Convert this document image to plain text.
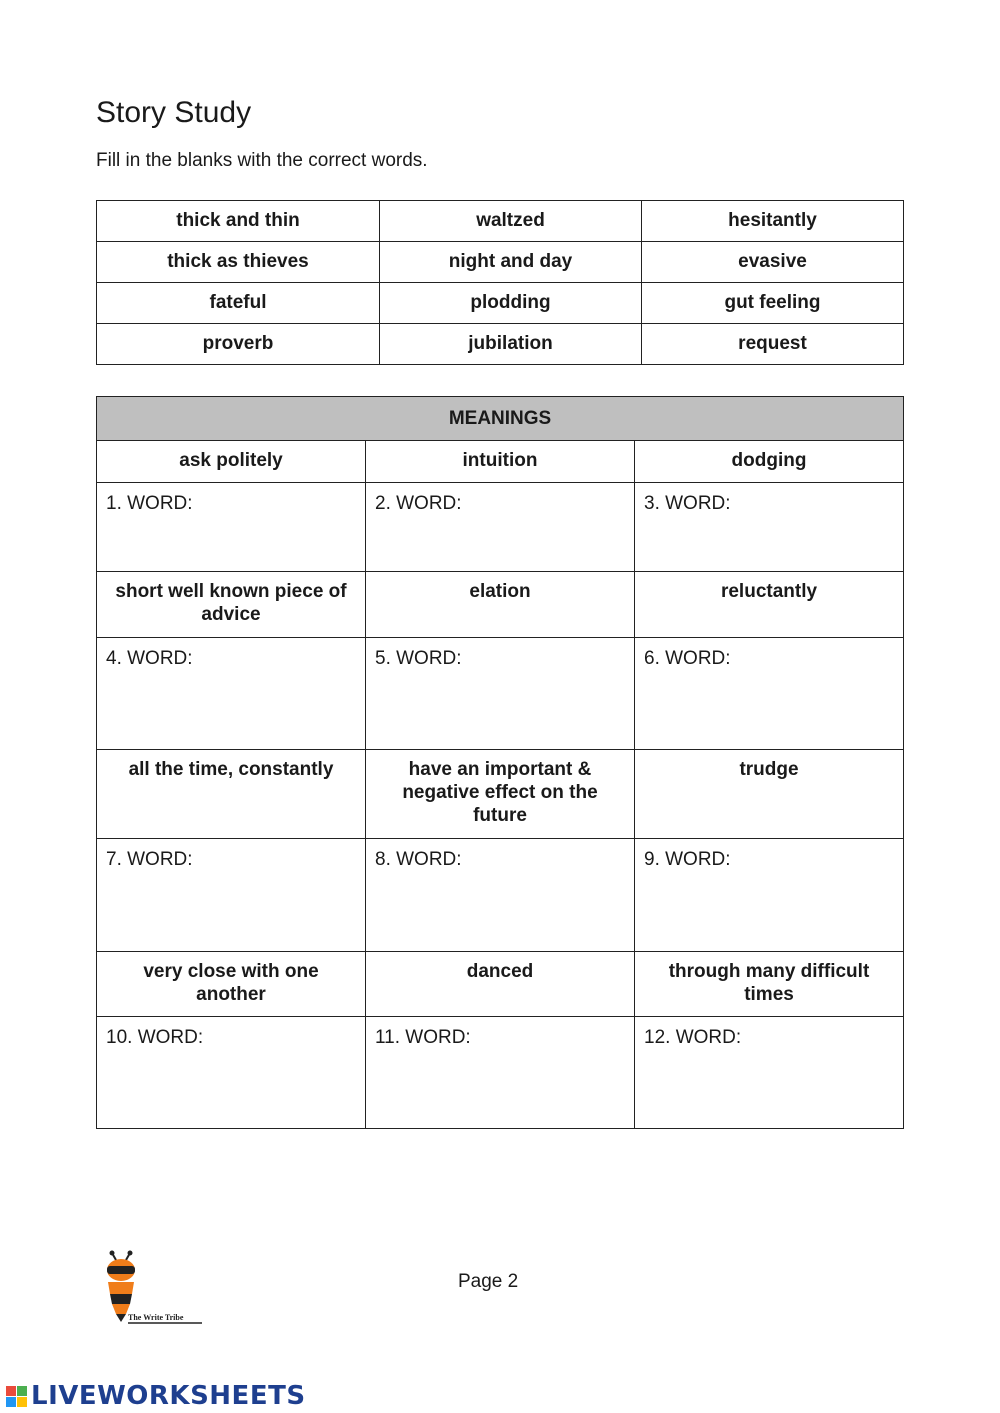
Story Study

Fill in the blanks with the correct words.

thick and thin	waltzed	hesitantly
thick as thieves	night and day	evasive
fateful	plodding	gut feeling
proverb	jubilation	request
MEANINGS		
ask politely	intuition	dodging
1. WORD:	2. WORD:	3. WORD:
short well known piece of advice	elation	reluctantly
4. WORD:	5. WORD:	6. WORD:
all the time, constantly	have an important & negative effect on the future	trudge
7. WORD:	8. WORD:	9. WORD:
very close with one another	danced	through many difficult times
10. WORD:	11. WORD:	12. WORD:
The Write Tribe
Page 2
LIVEWORKSHEETS
